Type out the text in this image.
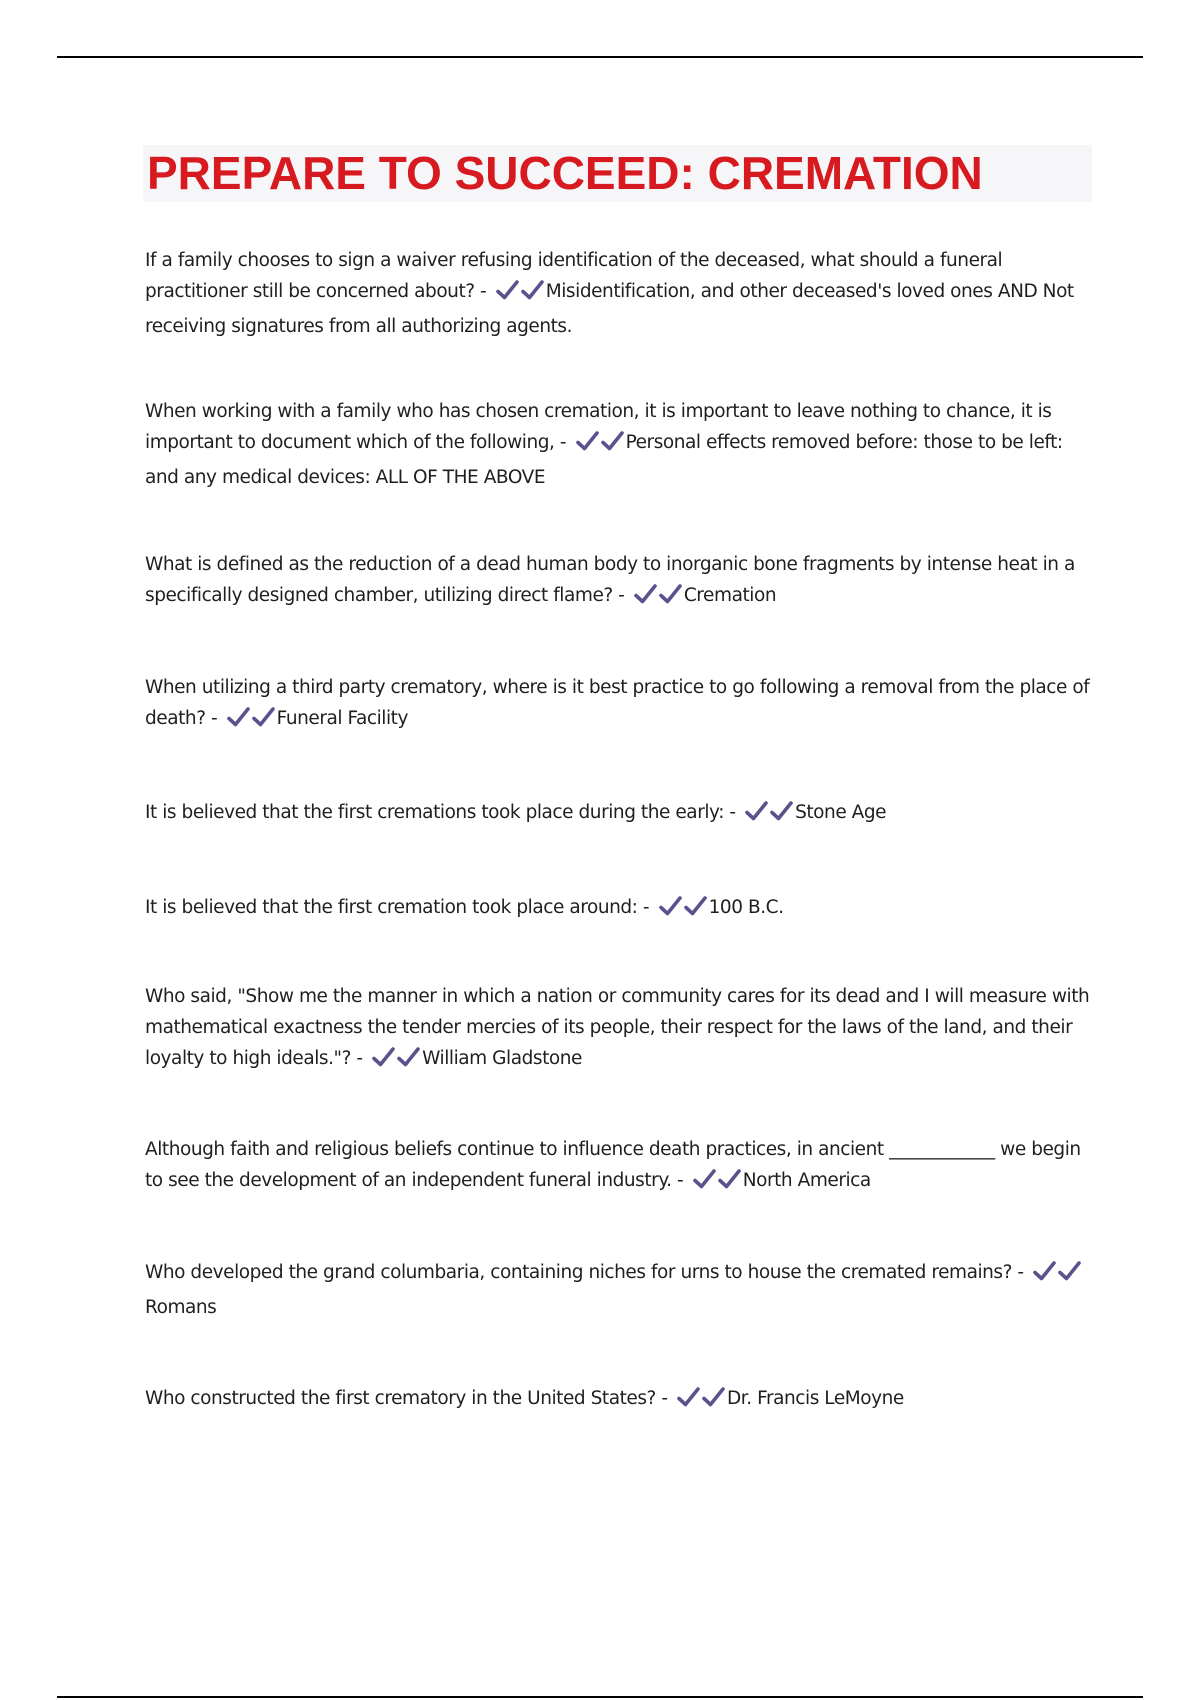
PREPARE TO SUCCEED: CREMATION
If a family chooses to sign a waiver refusing identification of the deceased, what should a funeral practitioner still be concerned about? -	Misidentification, and other deceased's loved ones AND Not receiving signatures from all authorizing agents.
When working with a family who has chosen cremation, it is important to leave nothing to chance, it is important to document which of the following, -	Personal effects removed before: those to be left: and any medical devices: ALL OF THE ABOVE
What is defined as the reduction of a dead human body to inorganic bone fragments by intense heat in a specifically designed chamber, utilizing direct flame? -	Cremation
When utilizing a third party crematory, where is it best practice to go following a removal from the place of death? -	Funeral Facility
It is believed that the first cremations took place during the early: -	Stone Age
It is believed that the first cremation took place around: -	100 B.C.
Who said, "Show me the manner in which a nation or community cares for its dead and I will measure with mathematical exactness the tender mercies of its people, their respect for the laws of the land, and their loyalty to high ideals."? -	William Gladstone
Although faith and religious beliefs continue to influence death practices, in ancient ____________ we begin to see the development of an independent funeral industry. -	North America
Who developed the grand columbaria, containing niches for urns to house the cremated remains? -
Romans
Who constructed the first crematory in the United States? -	Dr. Francis LeMoyne
